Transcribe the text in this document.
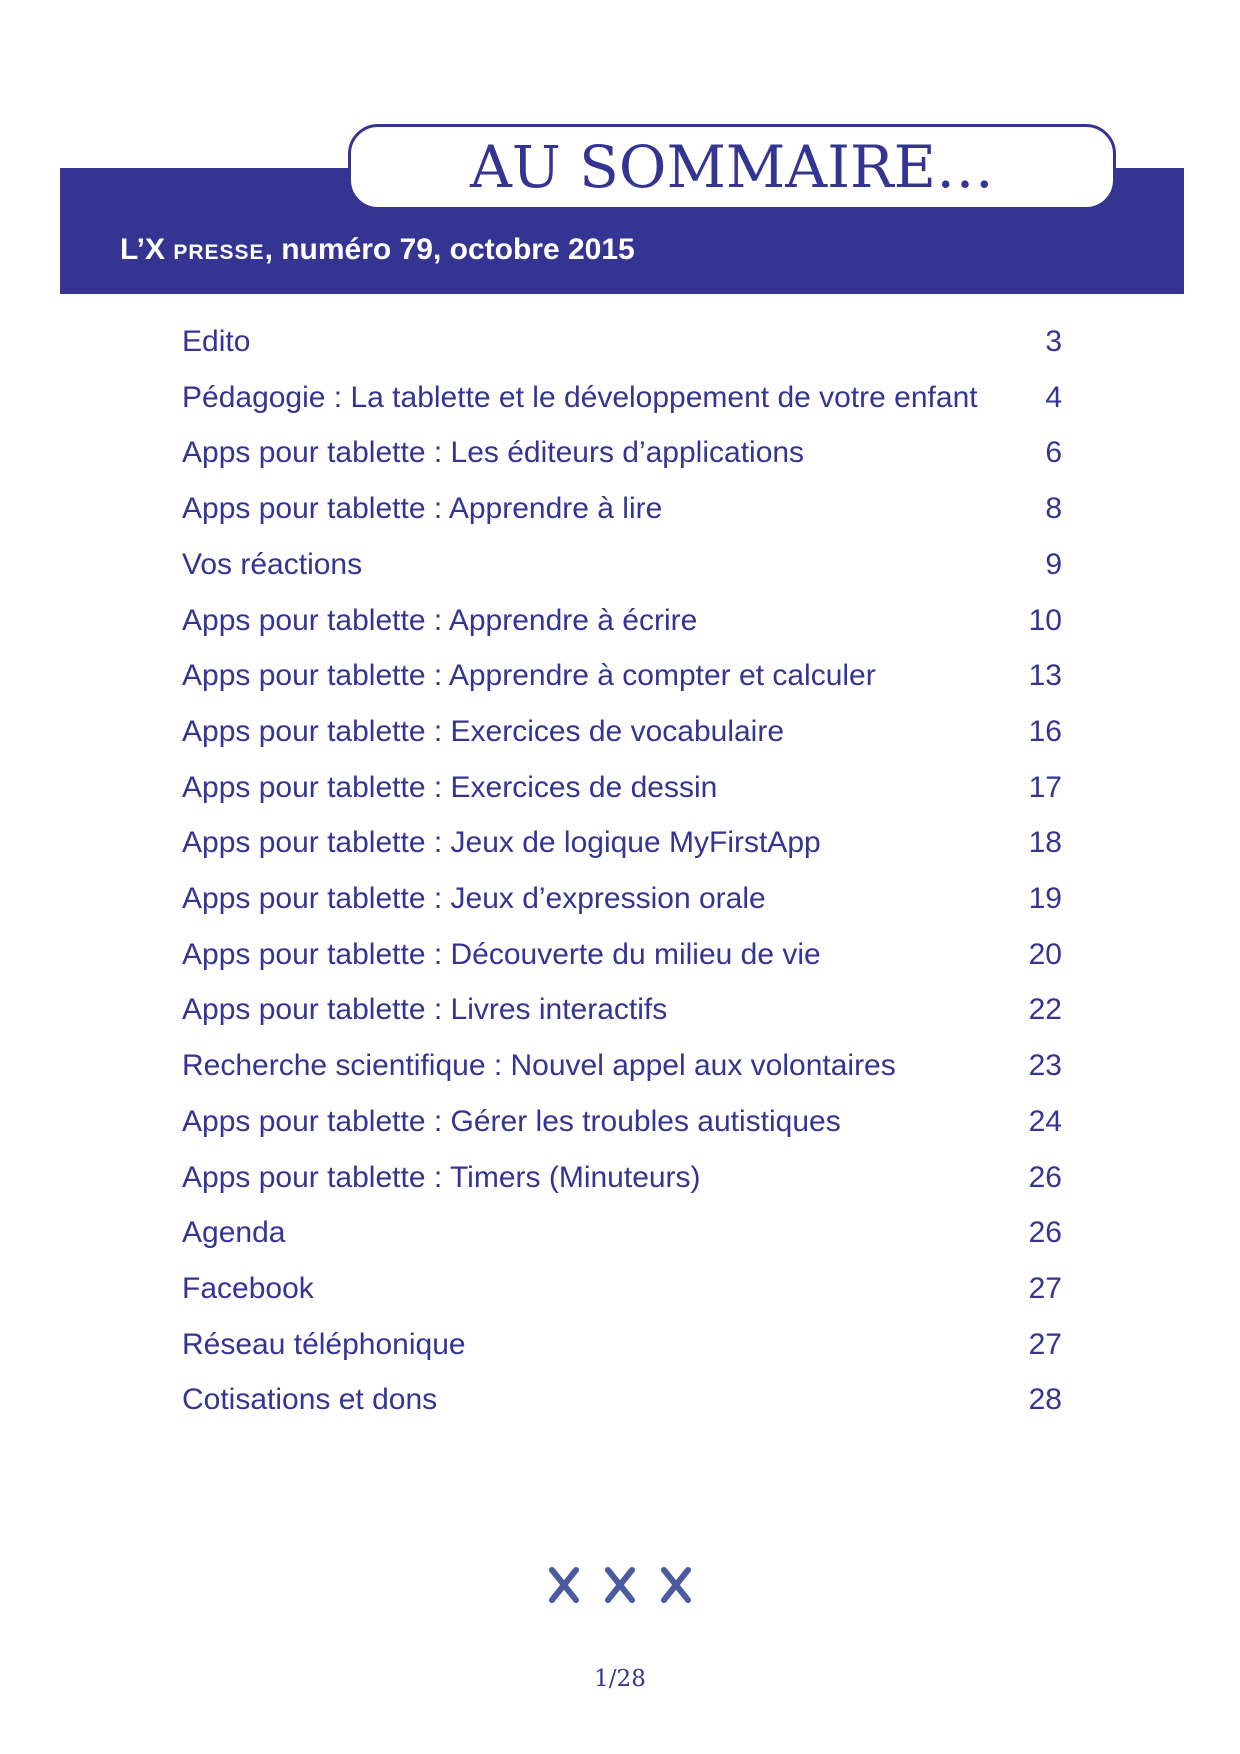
AU SOMMAIRE…
L’X presse, numéro 79, octobre 2015
Edito	3
Pédagogie : La tablette et le développement de votre enfant	4
Apps pour tablette : Les éditeurs d’applications	6
Apps pour tablette : Apprendre à lire	8
Vos réactions	9
Apps pour tablette : Apprendre à écrire	10
Apps pour tablette : Apprendre à compter et calculer	13
Apps pour tablette : Exercices de vocabulaire	16
Apps pour tablette : Exercices de dessin	17
Apps pour tablette : Jeux de logique MyFirstApp	18
Apps pour tablette : Jeux d’expression orale	19
Apps pour tablette : Découverte du milieu de vie	20
Apps pour tablette : Livres interactifs	22
Recherche scientifique : Nouvel appel aux volontaires	23
Apps pour tablette : Gérer les troubles autistiques	24
Apps pour tablette : Timers (Minuteurs)	26
Agenda	26
Facebook	27
Réseau téléphonique	27
Cotisations et dons	28
1/28
